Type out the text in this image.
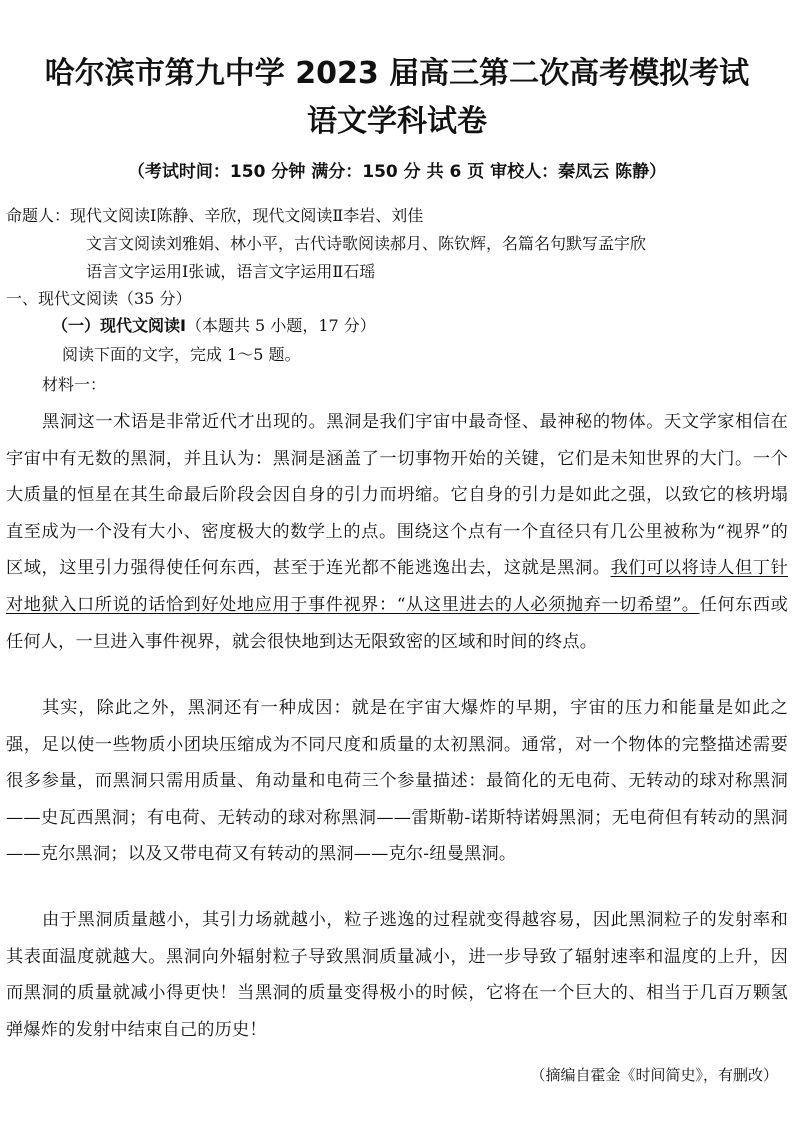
哈尔滨市第九中学 2023 届高三第二次高考模拟考试
语文学科试卷
（考试时间：150 分钟 满分：150 分 共 6 页 审校人：秦凤云 陈静）
命题人：现代文阅读Ⅰ陈静、辛欣，现代文阅读Ⅱ李岩、刘佳
文言文阅读刘雅娟、林小平，古代诗歌阅读郝月、陈钦辉，名篇名句默写孟宇欣
语言文字运用Ⅰ张诚，语言文字运用Ⅱ石瑶
一、现代文阅读（35 分）
（一）现代文阅读Ⅰ（本题共 5 小题，17 分）
阅读下面的文字，完成 1～5 题。
材料一：
黑洞这一术语是非常近代才出现的。黑洞是我们宇宙中最奇怪、最神秘的物体。天文学家相信在宇宙中有无数的黑洞，并且认为：黑洞是涵盖了一切事物开始的关键，它们是未知世界的大门。一个大质量的恒星在其生命最后阶段会因自身的引力而坍缩。它自身的引力是如此之强，以致它的核坍塌直至成为一个没有大小、密度极大的数学上的点。围绕这个点有一个直径只有几公里被称为“视界”的区域，这里引力强得使任何东西，甚至于连光都不能逃逸出去，这就是黑洞。我们可以将诗人但丁针对地狱入口所说的话恰到好处地应用于事件视界：“从这里进去的人必须抛弃一切希望”。任何东西或任何人，一旦进入事件视界，就会很快地到达无限致密的区域和时间的终点。
其实，除此之外，黑洞还有一种成因：就是在宇宙大爆炸的早期，宇宙的压力和能量是如此之强，足以使一些物质小团块压缩成为不同尺度和质量的太初黑洞。通常，对一个物体的完整描述需要很多参量，而黑洞只需用质量、角动量和电荷三个参量描述：最简化的无电荷、无转动的球对称黑洞——史瓦西黑洞；有电荷、无转动的球对称黑洞——雷斯勒-诺斯特诺姆黑洞；无电荷但有转动的黑洞——克尔黑洞；以及又带电荷又有转动的黑洞——克尔-纽曼黑洞。
由于黑洞质量越小，其引力场就越小，粒子逃逸的过程就变得越容易，因此黑洞粒子的发射率和其表面温度就越大。黑洞向外辐射粒子导致黑洞质量减小，进一步导致了辐射速率和温度的上升，因而黑洞的质量就减小得更快！当黑洞的质量变得极小的时候，它将在一个巨大的、相当于几百万颗氢弹爆炸的发射中结束自己的历史！
（摘编自霍金《时间简史》，有删改）
